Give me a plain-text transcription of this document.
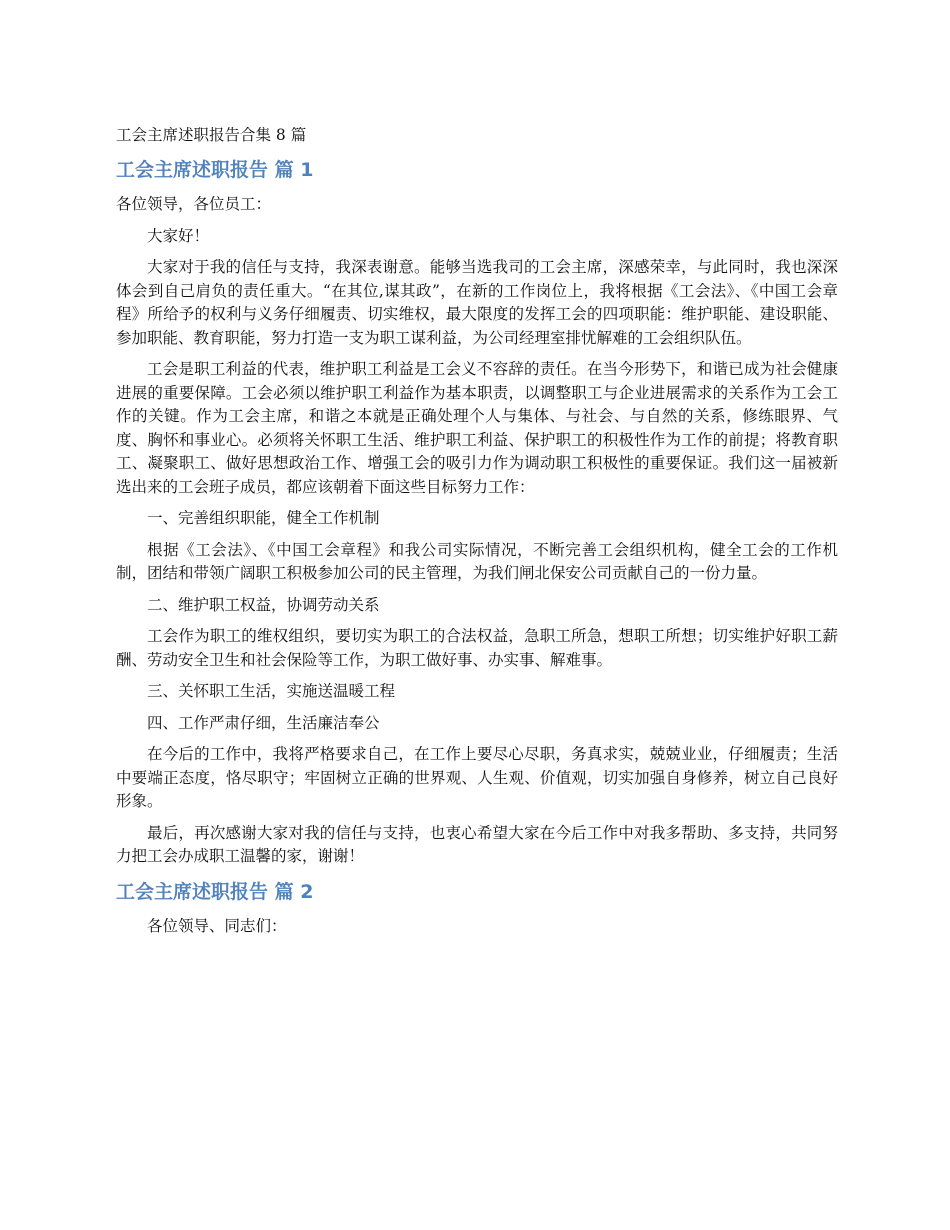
工会主席述职报告合集 8 篇
工会主席述职报告 篇 1

各位领导，各位员工：

大家好！

大家对于我的信任与支持，我深表谢意。能够当选我司的工会主席，深感荣幸，与此同时，我也深深体会到自己肩负的责任重大。“在其位,谋其政”，在新的工作岗位上，我将根据《工会法》、《中国工会章程》所给予的权利与义务仔细履责、切实维权，最大限度的发挥工会的四项职能：维护职能、建设职能、参加职能、教育职能，努力打造一支为职工谋利益，为公司经理室排忧解难的工会组织队伍。

工会是职工利益的代表，维护职工利益是工会义不容辞的责任。在当今形势下，和谐已成为社会健康进展的重要保障。工会必须以维护职工利益作为基本职责，以调整职工与企业进展需求的关系作为工会工作的关键。作为工会主席，和谐之本就是正确处理个人与集体、与社会、与自然的关系，修练眼界、气度、胸怀和事业心。必须将关怀职工生活、维护职工利益、保护职工的积极性作为工作的前提；将教育职工、凝聚职工、做好思想政治工作、增强工会的吸引力作为调动职工积极性的重要保证。我们这一届被新选出来的工会班子成员，都应该朝着下面这些目标努力工作：

一、完善组织职能，健全工作机制

根据《工会法》、《中国工会章程》和我公司实际情况，不断完善工会组织机构，健全工会的工作机制，团结和带领广阔职工积极参加公司的民主管理，为我们闸北保安公司贡献自己的一份力量。

二、维护职工权益，协调劳动关系

工会作为职工的维权组织，要切实为职工的合法权益，急职工所急，想职工所想；切实维护好职工薪酬、劳动安全卫生和社会保险等工作，为职工做好事、办实事、解难事。

三、关怀职工生活，实施送温暖工程

四、工作严肃仔细，生活廉洁奉公

在今后的工作中，我将严格要求自己，在工作上要尽心尽职，务真求实，兢兢业业，仔细履责；生活中要端正态度，恪尽职守；牢固树立正确的世界观、人生观、价值观，切实加强自身修养，树立自己良好形象。

最后，再次感谢大家对我的信任与支持，也衷心希望大家在今后工作中对我多帮助、多支持，共同努力把工会办成职工温馨的家，谢谢！

工会主席述职报告 篇 2

各位领导、同志们：
